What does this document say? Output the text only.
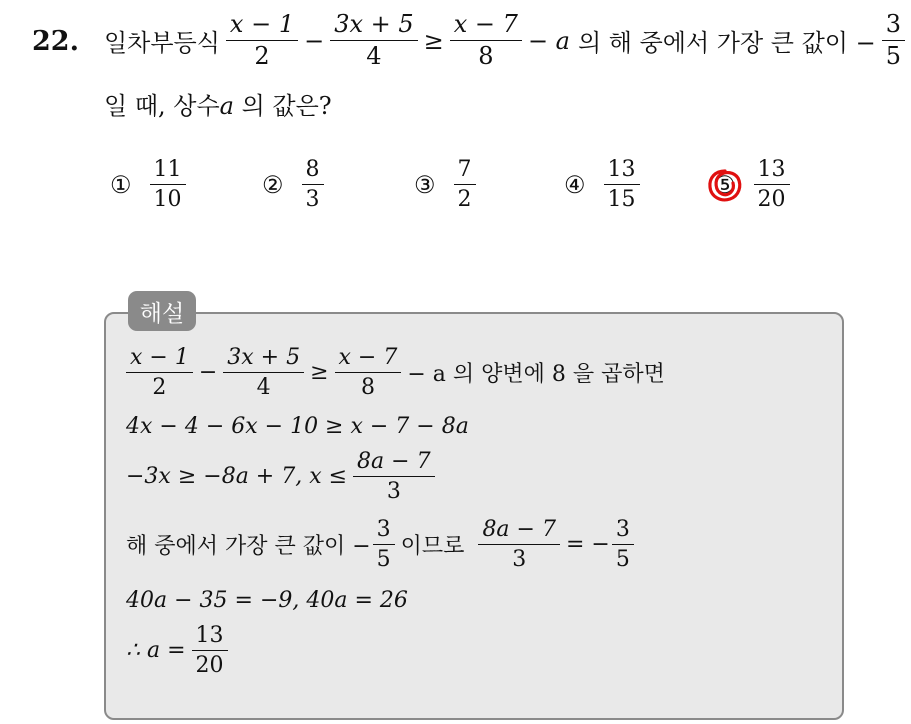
22. 일차부등식 $\frac{x - 1}{2} - \frac{3x + 5}{4} \ge \frac{x - 7}{8} - a$ 의 해 중에서 가장 큰 값이 − $\frac{3}{5}$
일 때, 상수a 의 값은?
① $\frac{11}{10}$	② $\frac{8}{3}$	③ $\frac{7}{2}$	④ $\frac{13}{15}$	⑤ $\frac{13}{20}$
해설
$\frac{x - 1}{2} - \frac{3x + 5}{4} \ge \frac{x - 7}{8} - a$ 의 양변에 8 을 곱하면
4x − 4 − 6x − 10 ≥ x − 7 − 8a
−3x ≥ −8a + 7, $x \le \frac{8a - 7}{3}$
해 중에서 가장 큰 값이 − $\frac{3}{5}$ 이므로 $\frac{8a - 7}{3}$ = − $\frac{3}{5}$
40a − 35 = −9, 40a = 26
∴ $a = \frac{13}{20}$
